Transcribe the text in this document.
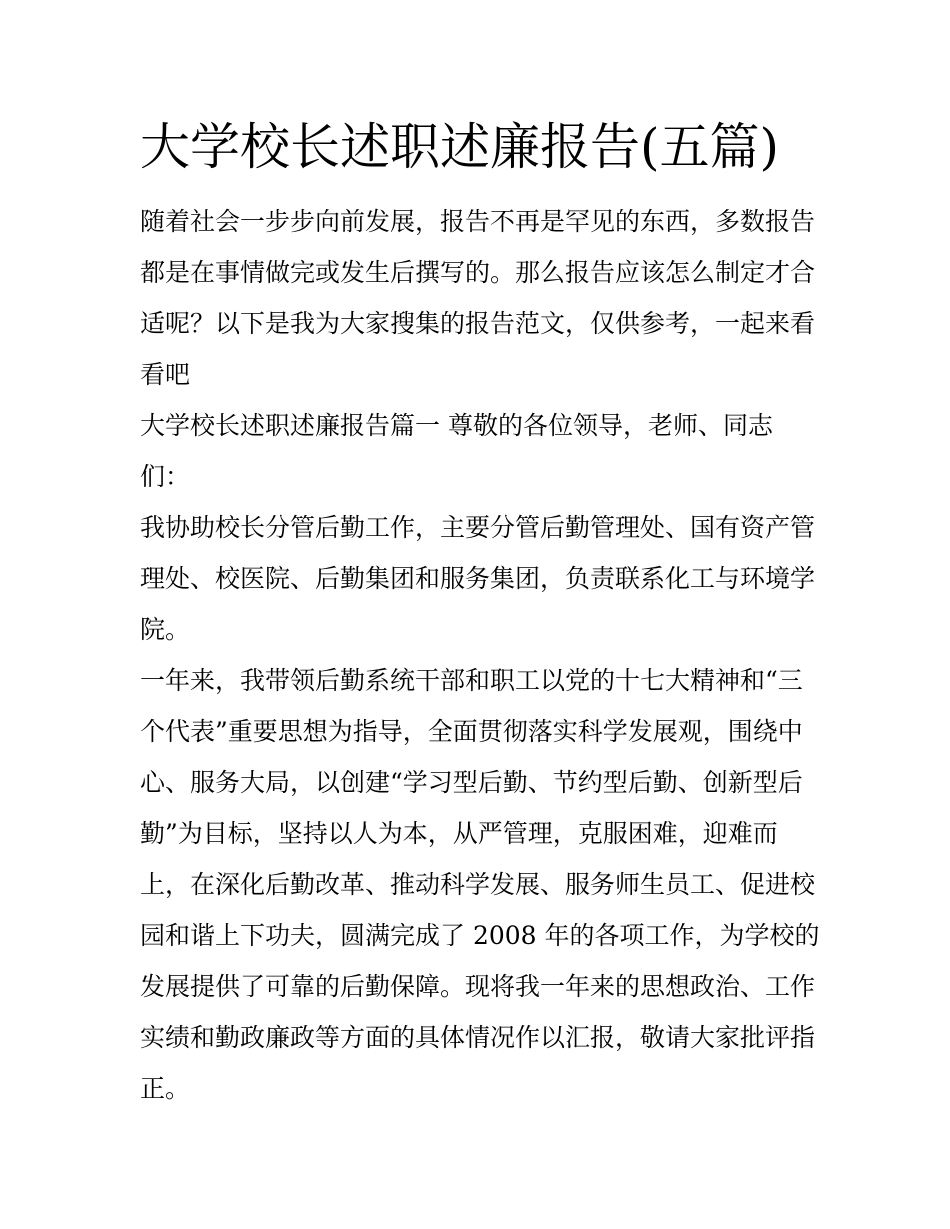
大学校长述职述廉报告(五篇)
随着社会一步步向前发展，报告不再是罕见的东西，多数报告
都是在事情做完或发生后撰写的。那么报告应该怎么制定才合
适呢？以下是我为大家搜集的报告范文，仅供参考，一起来看
看吧
大学校长述职述廉报告篇一 尊敬的各位领导，老师、同志
们：
我协助校长分管后勤工作，主要分管后勤管理处、国有资产管
理处、校医院、后勤集团和服务集团，负责联系化工与环境学
院。
一年来，我带领后勤系统干部和职工以党的十七大精神和“三
个代表”重要思想为指导，全面贯彻落实科学发展观，围绕中
心、服务大局，以创建“学习型后勤、节约型后勤、创新型后
勤”为目标，坚持以人为本，从严管理，克服困难，迎难而
上，在深化后勤改革、推动科学发展、服务师生员工、促进校
园和谐上下功夫，圆满完成了 2008 年的各项工作，为学校的
发展提供了可靠的后勤保障。现将我一年来的思想政治、工作
实绩和勤政廉政等方面的具体情况作以汇报，敬请大家批评指
正。
